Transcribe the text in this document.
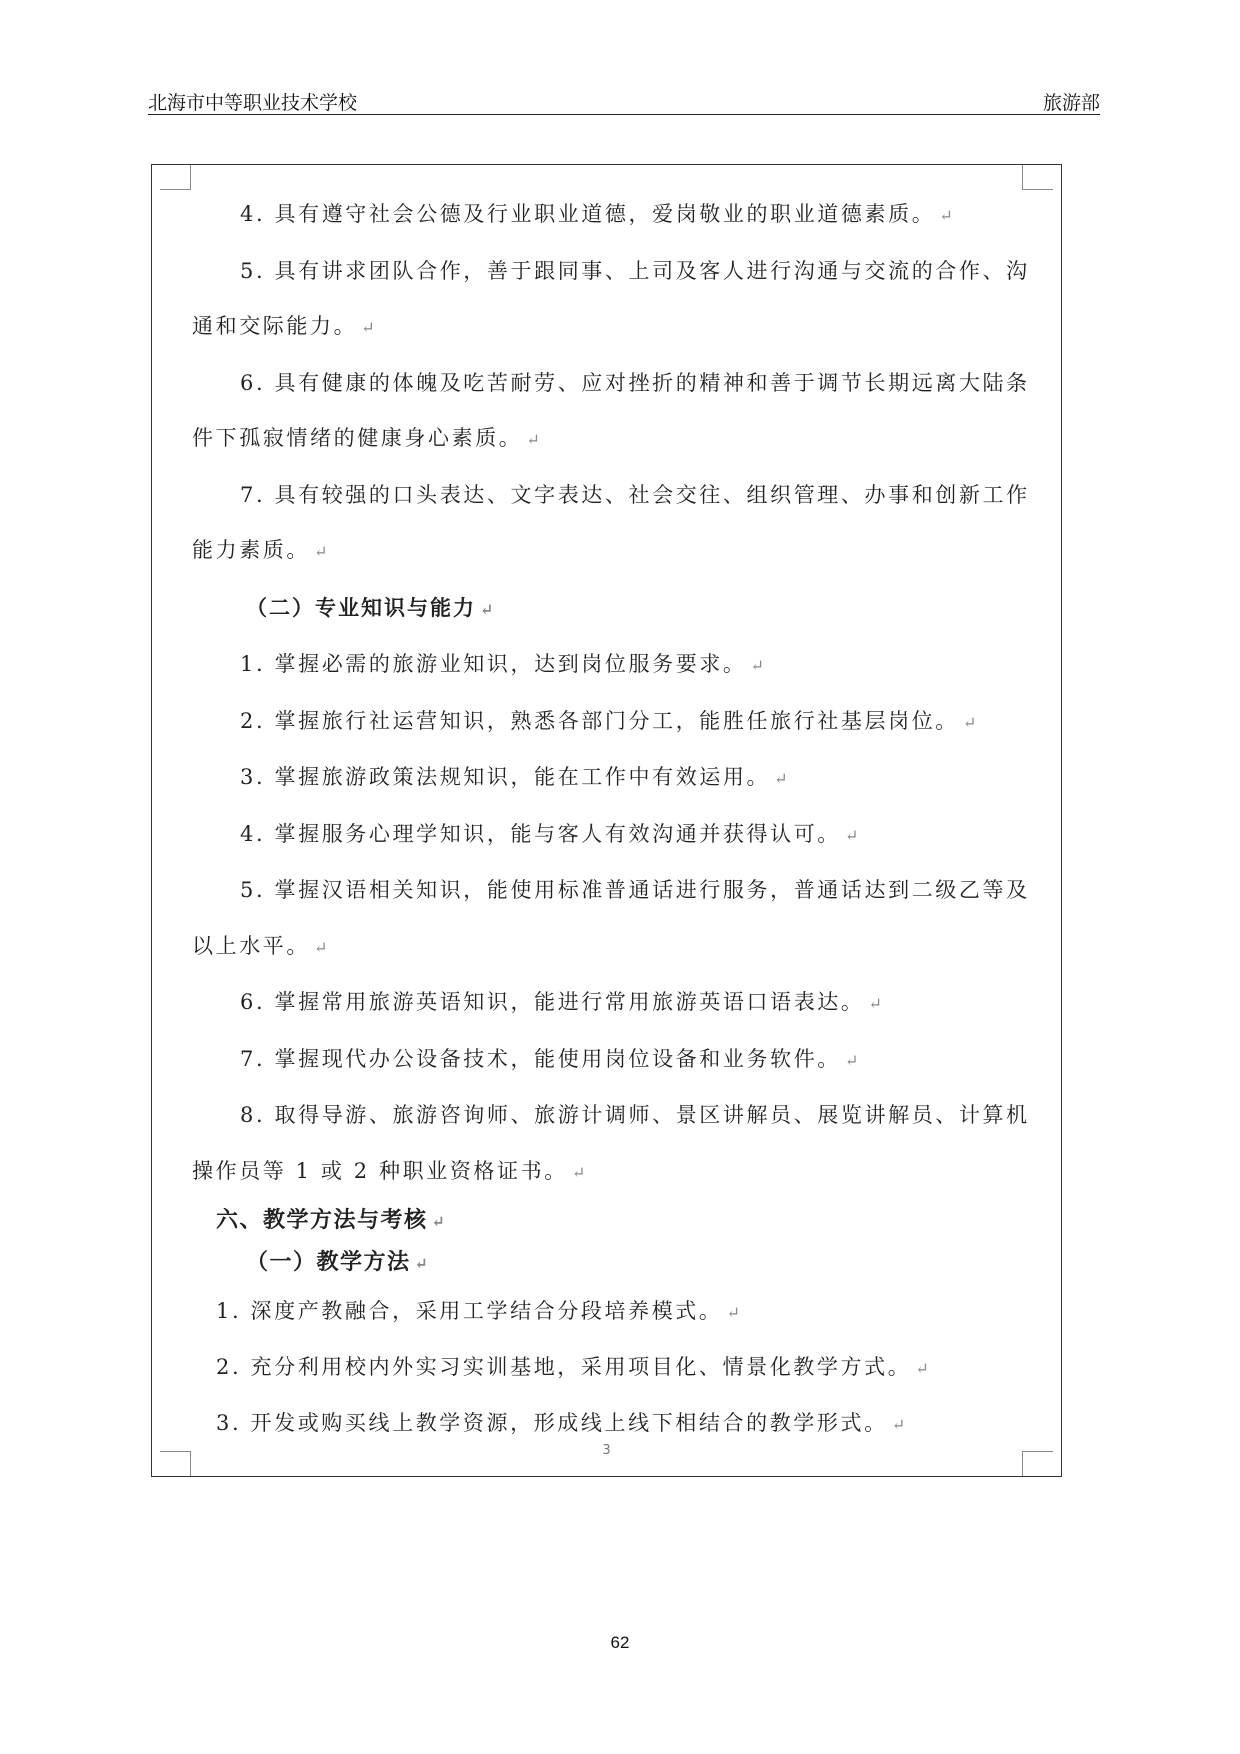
北海市中等职业技术学校	旅游部

4. 具有遵守社会公德及行业职业道德，爱岗敬业的职业道德素质。 ↵

5. 具有讲求团队合作，善于跟同事、上司及客人进行沟通与交流的合作、沟通和交际能力。 ↵

6. 具有健康的体魄及吃苦耐劳、应对挫折的精神和善于调节长期远离大陆条件下孤寂情绪的健康身心素质。 ↵

7. 具有较强的口头表达、文字表达、社会交往、组织管理、办事和创新工作能力素质。 ↵

（二）专业知识与能力 ↵

1. 掌握必需的旅游业知识，达到岗位服务要求。 ↵

2. 掌握旅行社运营知识，熟悉各部门分工，能胜任旅行社基层岗位。 ↵

3. 掌握旅游政策法规知识，能在工作中有效运用。 ↵

4. 掌握服务心理学知识，能与客人有效沟通并获得认可。 ↵

5. 掌握汉语相关知识，能使用标准普通话进行服务，普通话达到二级乙等及以上水平。 ↵

6. 掌握常用旅游英语知识，能进行常用旅游英语口语表达。 ↵

7. 掌握现代办公设备技术，能使用岗位设备和业务软件。 ↵

8. 取得导游、旅游咨询师、旅游计调师、景区讲解员、展览讲解员、计算机操作员等 1 或 2 种职业资格证书。 ↵

六、教学方法与考核 ↵

（一）教学方法 ↵

1. 深度产教融合，采用工学结合分段培养模式。 ↵

2. 充分利用校内外实习实训基地，采用项目化、情景化教学方式。 ↵

3. 开发或购买线上教学资源，形成线上线下相结合的教学形式。 ↵

3
62
